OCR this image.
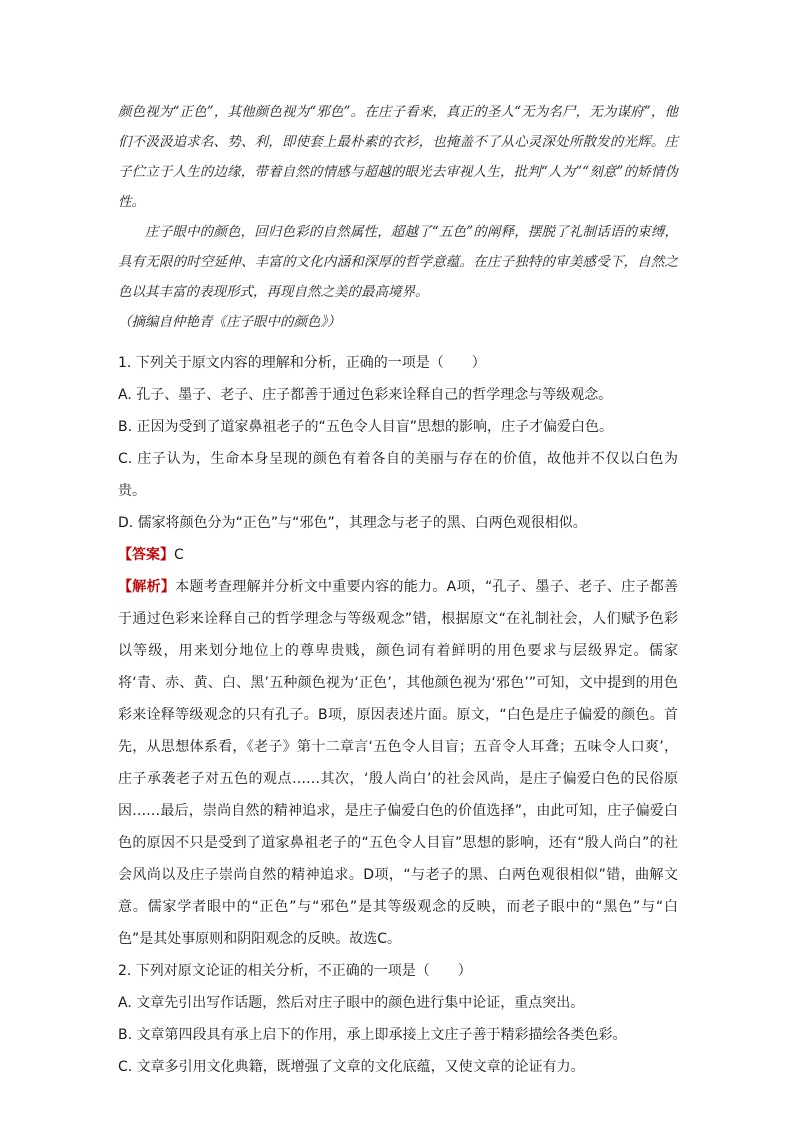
颜色视为“正色”，其他颜色视为“邪色”。在庄子看来，真正的圣人“无为名尸，无为谋府”，他们不汲汲追求名、势、利，即使套上最朴素的衣衫，也掩盖不了从心灵深处所散发的光辉。庄子伫立于人生的边缘，带着自然的情感与超越的眼光去审视人生，批判“人为”“刻意”的矫情伪性。

庄子眼中的颜色，回归色彩的自然属性，超越了“五色”的阐释，摆脱了礼制话语的束缚，具有无限的时空延伸、丰富的文化内涵和深厚的哲学意蕴。在庄子独特的审美感受下，自然之色以其丰富的表现形式，再现自然之美的最高境界。

（摘编自仲艳青《庄子眼中的颜色》）

1. 下列关于原文内容的理解和分析，正确的一项是（　　）

A. 孔子、墨子、老子、庄子都善于通过色彩来诠释自己的哲学理念与等级观念。

B. 正因为受到了道家鼻祖老子的“五色令人目盲”思想的影响，庄子才偏爱白色。

C. 庄子认为，生命本身呈现的颜色有着各自的美丽与存在的价值，故他并不仅以白色为贵。

D. 儒家将颜色分为“正色”与“邪色”，其理念与老子的黑、白两色观很相似。

【答案】C

【解析】本题考查理解并分析文中重要内容的能力。A项，“孔子、墨子、老子、庄子都善于通过色彩来诠释自己的哲学理念与等级观念”错，根据原文“在礼制社会，人们赋予色彩以等级，用来划分地位上的尊卑贵贱，颜色词有着鲜明的用色要求与层级界定。儒家将‘青、赤、黄、白、黑’五种颜色视为‘正色’，其他颜色视为‘邪色’”可知，文中提到的用色彩来诠释等级观念的只有孔子。B项，原因表述片面。原文，“白色是庄子偏爱的颜色。首先，从思想体系看，《老子》第十二章言‘五色令人目盲；五音令人耳聋；五味令人口爽’，庄子承袭老子对五色的观点……其次，‘殷人尚白’的社会风尚，是庄子偏爱白色的民俗原因……最后，崇尚自然的精神追求，是庄子偏爱白色的价值选择”，由此可知，庄子偏爱白色的原因不只是受到了道家鼻祖老子的“五色令人目盲”思想的影响，还有“殷人尚白”的社会风尚以及庄子崇尚自然的精神追求。D项，“与老子的黑、白两色观很相似”错，曲解文意。儒家学者眼中的“正色”与“邪色”是其等级观念的反映，而老子眼中的“黑色”与“白色”是其处事原则和阴阳观念的反映。故选C。

2. 下列对原文论证的相关分析，不正确的一项是（　　）

A. 文章先引出写作话题，然后对庄子眼中的颜色进行集中论证，重点突出。

B. 文章第四段具有承上启下的作用，承上即承接上文庄子善于精彩描绘各类色彩。

C. 文章多引用文化典籍，既增强了文章的文化底蕴，又使文章的论证有力。
